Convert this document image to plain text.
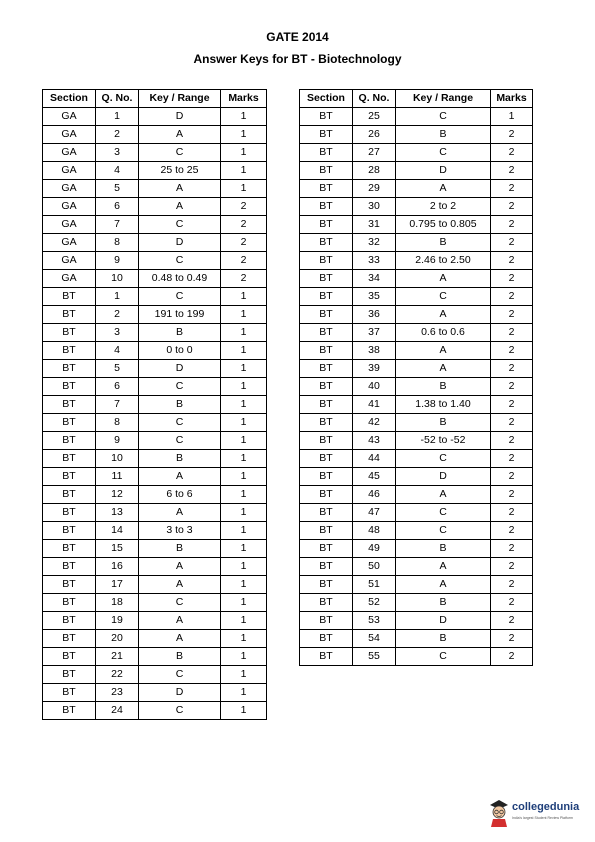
GATE 2014
Answer Keys for BT - Biotechnology
Section	Q. No.	Key / Range	Marks
GA	1	D	1
GA	2	A	1
GA	3	C	1
GA	4	25 to 25	1
GA	5	A	1
GA	6	A	2
GA	7	C	2
GA	8	D	2
GA	9	C	2
GA	10	0.48 to 0.49	2
BT	1	C	1
BT	2	191 to 199	1
BT	3	B	1
BT	4	0 to 0	1
BT	5	D	1
BT	6	C	1
BT	7	B	1
BT	8	C	1
BT	9	C	1
BT	10	B	1
BT	11	A	1
BT	12	6 to 6	1
BT	13	A	1
BT	14	3 to 3	1
BT	15	B	1
BT	16	A	1
BT	17	A	1
BT	18	C	1
BT	19	A	1
BT	20	A	1
BT	21	B	1
BT	22	C	1
BT	23	D	1
BT	24	C	1
Section	Q. No.	Key / Range	Marks
BT	25	C	1
BT	26	B	2
BT	27	C	2
BT	28	D	2
BT	29	A	2
BT	30	2 to 2	2
BT	31	0.795 to 0.805	2
BT	32	B	2
BT	33	2.46 to 2.50	2
BT	34	A	2
BT	35	C	2
BT	36	A	2
BT	37	0.6 to 0.6	2
BT	38	A	2
BT	39	A	2
BT	40	B	2
BT	41	1.38 to 1.40	2
BT	42	B	2
BT	43	-52 to -52	2
BT	44	C	2
BT	45	D	2
BT	46	A	2
BT	47	C	2
BT	48	C	2
BT	49	B	2
BT	50	A	2
BT	51	A	2
BT	52	B	2
BT	53	D	2
BT	54	B	2
BT	55	C	2
collegedunia
India's largest Student Review Platform
